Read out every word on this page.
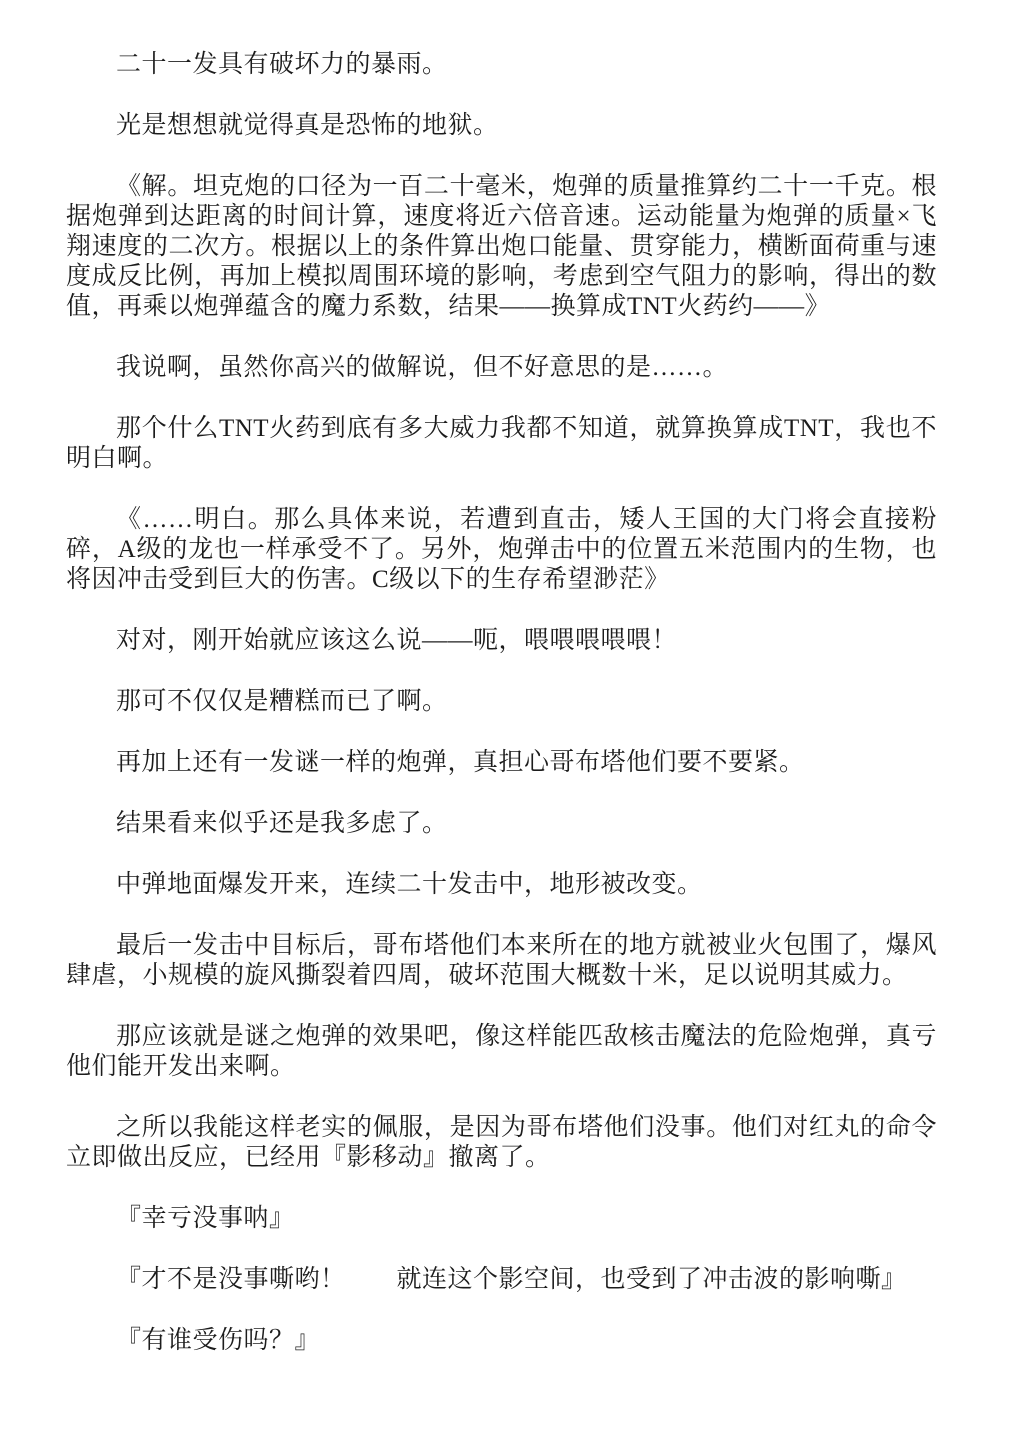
二十一发具有破坏力的暴雨。

光是想想就觉得真是恐怖的地狱。

《解。坦克炮的口径为一百二十毫米，炮弹的质量推算约二十一千克。根据炮弹到达距离的时间计算，速度将近六倍音速。运动能量为炮弹的质量×飞翔速度的二次方。根据以上的条件算出炮口能量、贯穿能力，横断面荷重与速度成反比例，再加上模拟周围环境的影响，考虑到空气阻力的影响，得出的数值，再乘以炮弹蕴含的魔力系数，结果——换算成TNT火药约——》

我说啊，虽然你高兴的做解说，但不好意思的是……。

那个什么TNT火药到底有多大威力我都不知道，就算换算成TNT，我也不明白啊。

《……明白。那么具体来说，若遭到直击，矮人王国的大门将会直接粉碎，A级的龙也一样承受不了。另外，炮弹击中的位置五米范围内的生物，也将因冲击受到巨大的伤害。C级以下的生存希望渺茫》

对对，刚开始就应该这么说——呃，喂喂喂喂喂！

那可不仅仅是糟糕而已了啊。

再加上还有一发谜一样的炮弹，真担心哥布塔他们要不要紧。

结果看来似乎还是我多虑了。

中弹地面爆发开来，连续二十发击中，地形被改变。

最后一发击中目标后，哥布塔他们本来所在的地方就被业火包围了，爆风肆虐，小规模的旋风撕裂着四周，破坏范围大概数十米，足以说明其威力。

那应该就是谜之炮弹的效果吧，像这样能匹敌核击魔法的危险炮弹，真亏他们能开发出来啊。

之所以我能这样老实的佩服，是因为哥布塔他们没事。他们对红丸的命令立即做出反应，已经用『影移动』撤离了。

『幸亏没事呐』

『才不是没事嘶哟！　　就连这个影空间，也受到了冲击波的影响嘶』

『有谁受伤吗？』
